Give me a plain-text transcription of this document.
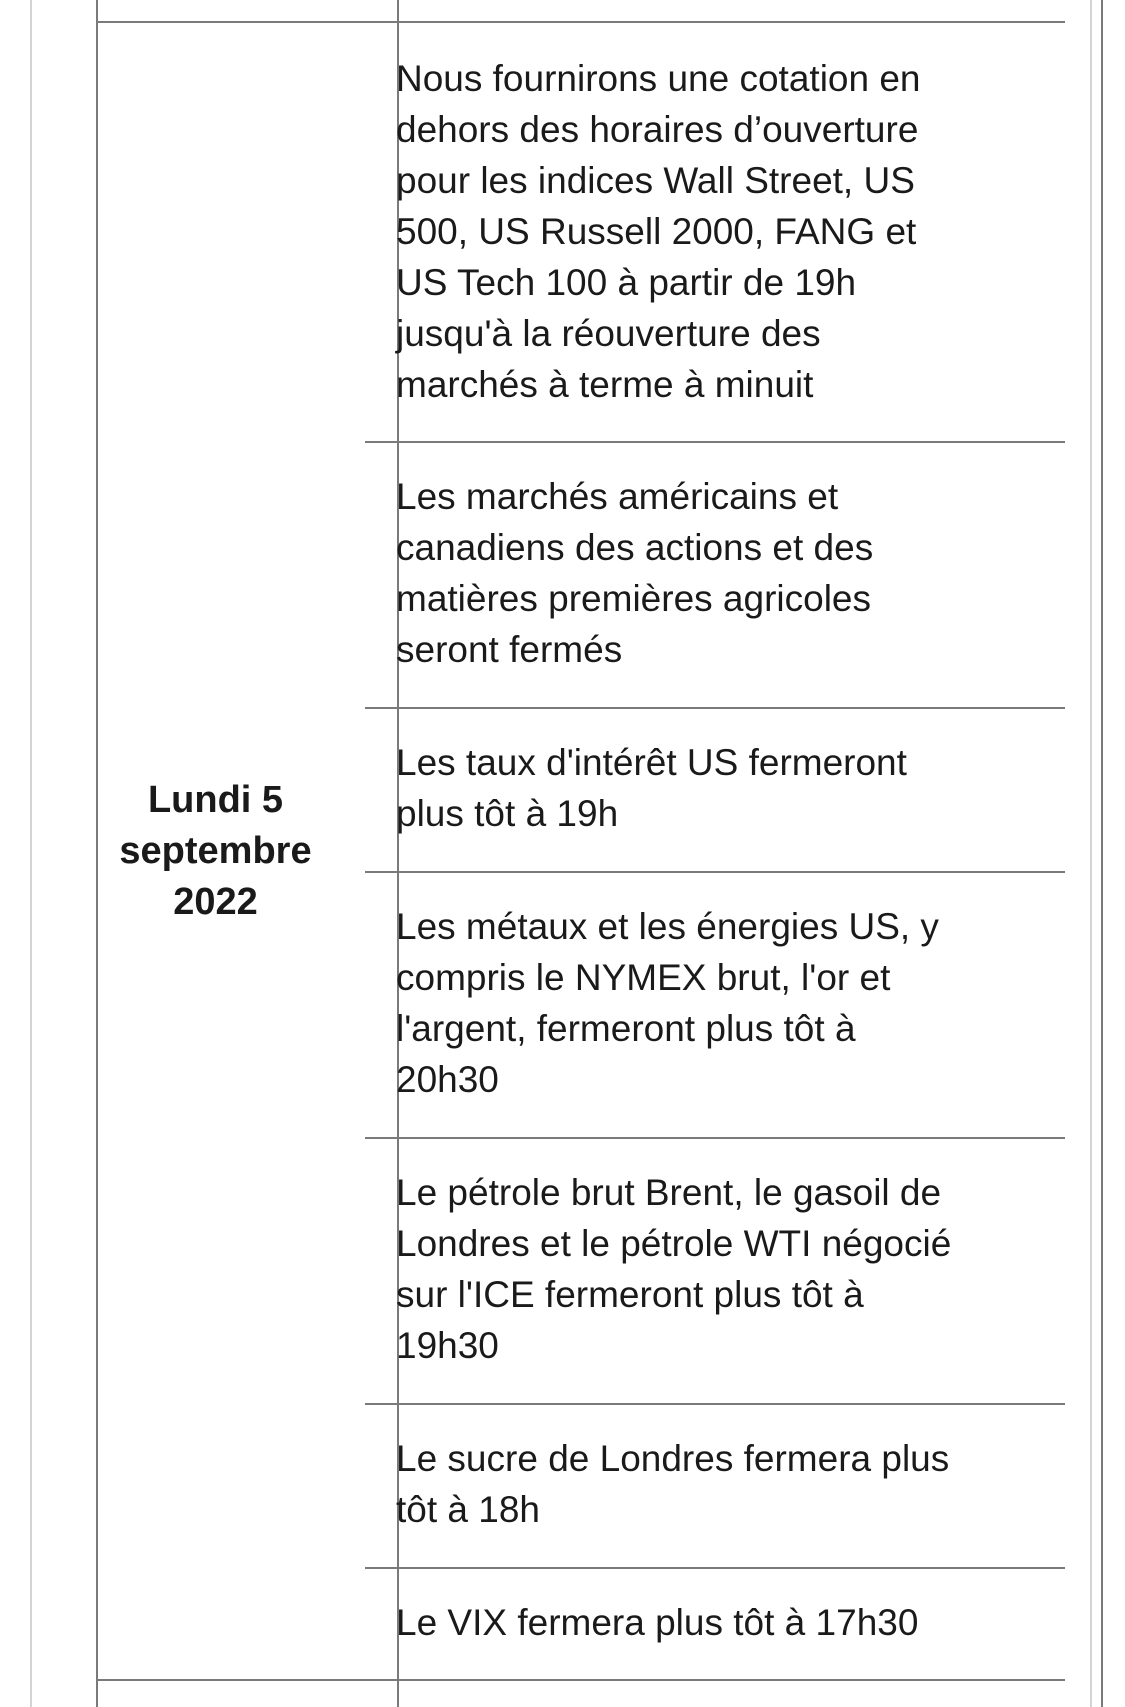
Lundi 5
septembre
2022
Nous fournirons une cotation en
dehors des horaires d’ouverture
pour les indices Wall Street, US
500, US Russell 2000, FANG et
US Tech 100 à partir de 19h
jusqu'à la réouverture des
marchés à terme à minuit
Les marchés américains et
canadiens des actions et des
matières premières agricoles
seront fermés
Les taux d'intérêt US fermeront
plus tôt à 19h
Les métaux et les énergies US, y
compris le NYMEX brut, l'or et
l'argent, fermeront plus tôt à
20h30
Le pétrole brut Brent, le gasoil de
Londres et le pétrole WTI négocié
sur l'ICE fermeront plus tôt à
19h30
Le sucre de Londres fermera plus
tôt à 18h
Le VIX fermera plus tôt à 17h30
